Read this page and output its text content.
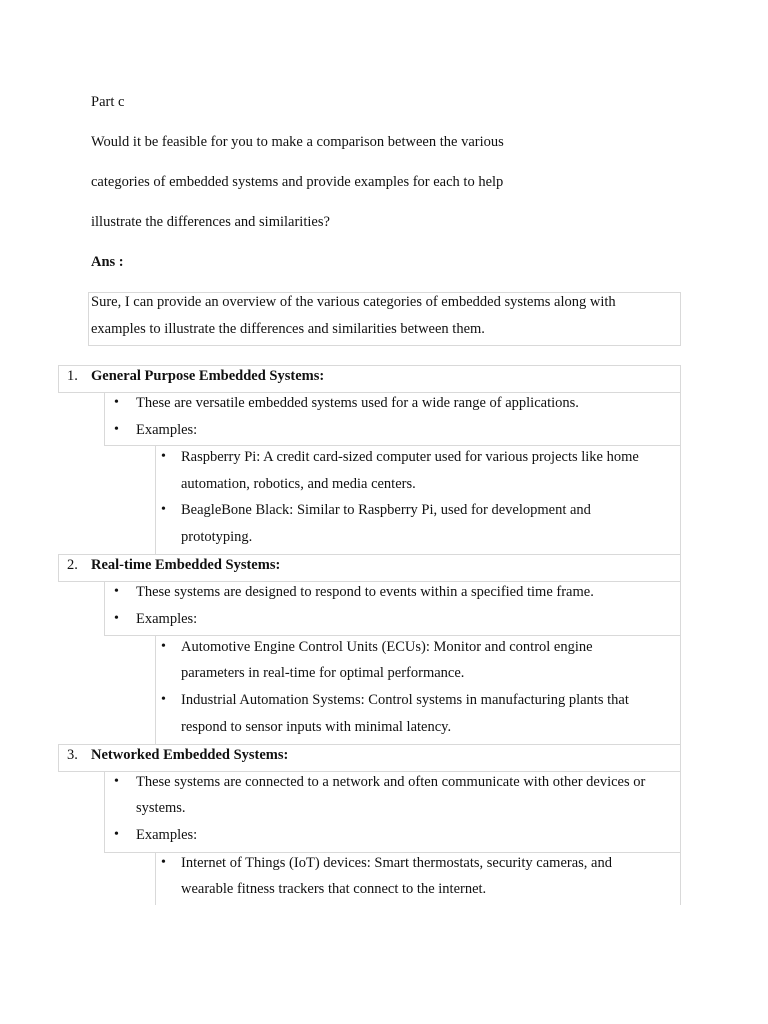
Part c
Would it be feasible for you to make a comparison between the various
categories of embedded systems and provide examples for each to help
illustrate the differences and similarities?
Ans :
Sure, I can provide an overview of the various categories of embedded systems along with
examples to illustrate the differences and similarities between them.
1. General Purpose Embedded Systems:
• These are versatile embedded systems used for a wide range of applications.
• Examples:
• Raspberry Pi: A credit card-sized computer used for various projects like home
automation, robotics, and media centers.
• BeagleBone Black: Similar to Raspberry Pi, used for development and
prototyping.
2. Real-time Embedded Systems:
• These systems are designed to respond to events within a specified time frame.
• Examples:
• Automotive Engine Control Units (ECUs): Monitor and control engine
parameters in real-time for optimal performance.
• Industrial Automation Systems: Control systems in manufacturing plants that
respond to sensor inputs with minimal latency.
3. Networked Embedded Systems:
• These systems are connected to a network and often communicate with other devices or
systems.
• Examples:
• Internet of Things (IoT) devices: Smart thermostats, security cameras, and
wearable fitness trackers that connect to the internet.
